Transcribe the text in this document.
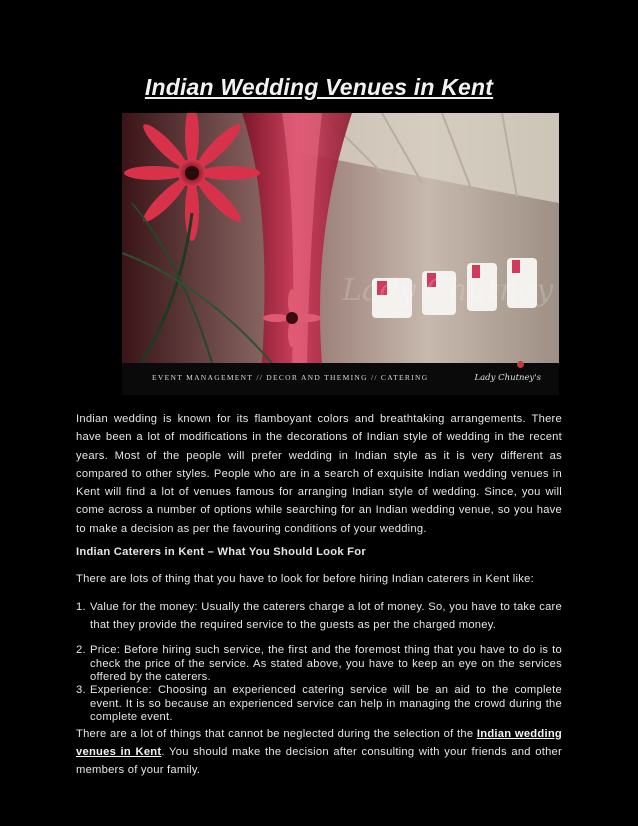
Indian Wedding Venues in Kent
Lady Chutney
EVENT MANAGEMENT // DECOR AND THEMING // CATERING	Lady Chutney's

Indian wedding is known for its flamboyant colors and breathtaking arrangements. There have been a lot of modifications in the decorations of Indian style of wedding in the recent years. Most of the people will prefer wedding in Indian style as it is very different as compared to other styles. People who are in a search of exquisite Indian wedding venues in Kent will find a lot of venues famous for arranging Indian style of wedding. Since, you will come across a number of options while searching for an Indian wedding venue, so you have to make a decision as per the favouring conditions of your wedding.

Indian Caterers in Kent – What You Should Look For

There are lots of thing that you have to look for before hiring Indian caterers in Kent like:

1. Value for the money: Usually the caterers charge a lot of money. So, you have to take care that they provide the required service to the guests as per the charged money.
2. Price: Before hiring such service, the first and the foremost thing that you have to do is to check the price of the service. As stated above, you have to keep an eye on the services offered by the caterers.
3. Experience: Choosing an experienced catering service will be an aid to the complete event. It is so because an experienced service can help in managing the crowd during the complete event.

There are a lot of things that cannot be neglected during the selection of the Indian wedding venues in Kent. You should make the decision after consulting with your friends and other members of your family.
